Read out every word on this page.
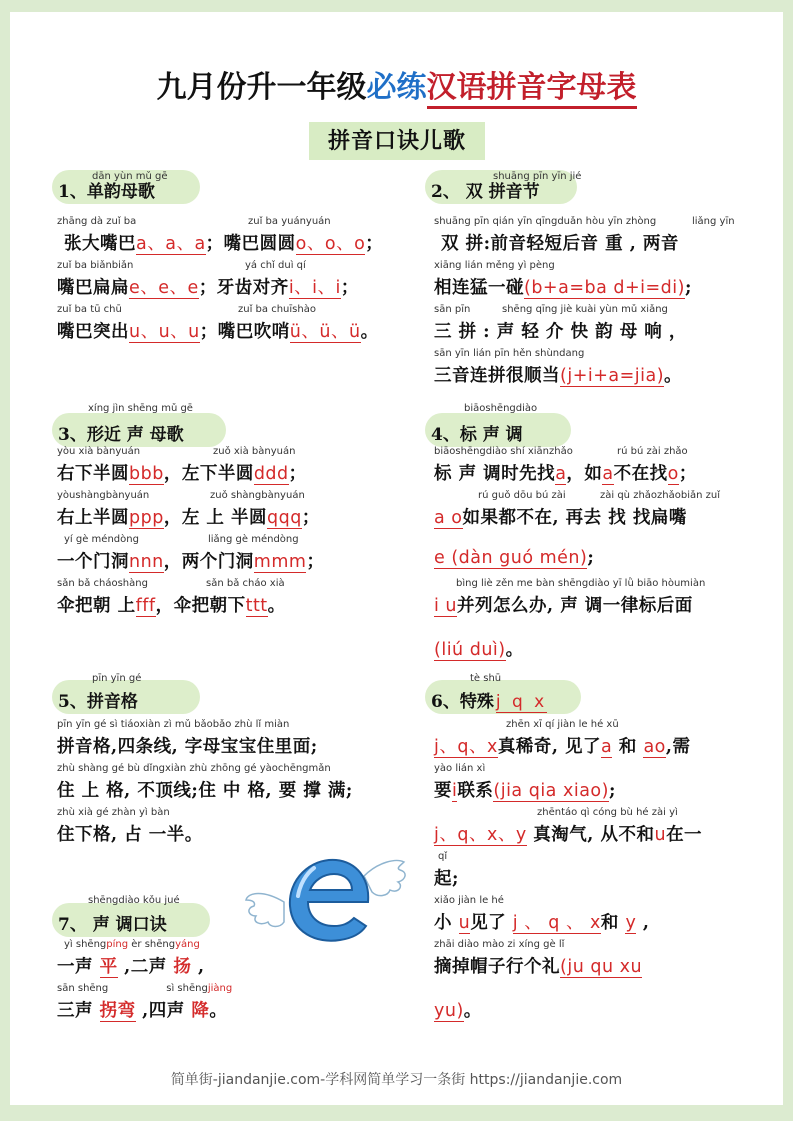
九月份升一年级必练汉语拼音字母表
拼音口诀儿歌
1、单韵母歌
dān yùn mǔ gē
zhāng dà zuǐ ba	zuǐ ba yuányuán
张大嘴巴a、a、a；嘴巴圆圆o、o、o；
zuǐ ba biǎnbiǎn	yá chǐ duì qí
嘴巴扁扁e、e、e；牙齿对齐i、i、i；
zuǐ ba tū chū	zuǐ ba chuīshào
嘴巴突出u、u、u；嘴巴吹哨ü、ü、ü。
2、 双 拼音节
shuāng pīn yīn jié
shuāng pīn qián yīn qīngduǎn hòu yīn zhòng	liǎng yīn
双 拼:前音轻短后音 重 , 两音
xiāng lián měng yì pèng
相连猛一碰(b+a=ba d+i=di);
sān pīn	shēng qīng jiè kuài yùn mǔ xiǎng
三 拼 : 声 轻 介 快 韵 母 响 ，
sān yīn lián pīn hěn shùndang
三音连拼很顺当(j+i+a=jia)。
3、形近 声 母歌
xíng jìn shēng mǔ gē
yòu xià bànyuán	zuǒ xià bànyuán
右下半圆bbb，左下半圆ddd；
yòushàngbànyuán	zuǒ shàngbànyuán
右上半圆ppp，左 上 半圆qqq；
yí gè méndòng	liǎng gè méndòng
一个门洞nnn，两个门洞mmm；
sǎn bǎ cháoshàng	sǎn bǎ cháo xià
伞把朝 上fff，伞把朝下ttt。
4、标 声 调
biāoshēngdiào
biāoshēngdiào shí xiānzhǎo	rú bú zài zhǎo
标 声 调时先找a，如a不在找o；
rú guǒ dōu bú zài	zài qù zhǎozhǎobiǎn zuǐ
a o如果都不在, 再去 找 找扁嘴
e (dàn guó mén);
bìng liè zěn me bàn shēngdiào yī lǜ biāo hòumiàn
i u并列怎么办, 声 调一律标后面
(liú duì)。
5、拼音格
pīn yīn gé
pīn yīn gé sì tiáoxiàn zì mǔ bǎobǎo zhù lǐ miàn
拼音格,四条线, 字母宝宝住里面;
zhù shàng gé bù dǐngxiàn zhù zhōng gé yàochēngmǎn
住 上 格, 不顶线;住 中 格, 要 撑 满;
zhù xià gé zhàn yì bàn
住下格, 占 一半。
6、特殊 j q x
tè shū
zhēn xī qí jiàn le hé xū
j、q、x真稀奇, 见了a 和 ao,需
yào lián xì
要i联系(jia qia xiao);
zhēntáo qì cóng bù hé zài yì
j、q、x、y 真淘气, 从不和u在一
qǐ
起;
xiǎo jiàn le hé
小 u见了 j 、 q 、 x和 y ,
zhāi diào mào zi xíng gè lǐ
摘掉帽子行个礼(ju qu xu
yu)。
7、 声 调口诀
shēngdiào kǒu jué
yì shēngpíng èr shēngyáng
一声 平 ,二声 扬 ,
sān shēng	sì shēngjiàng
三声 拐弯 ,四声 降。
简单街-jiandanjie.com-学科网简单学习一条街 https://jiandanjie.com
